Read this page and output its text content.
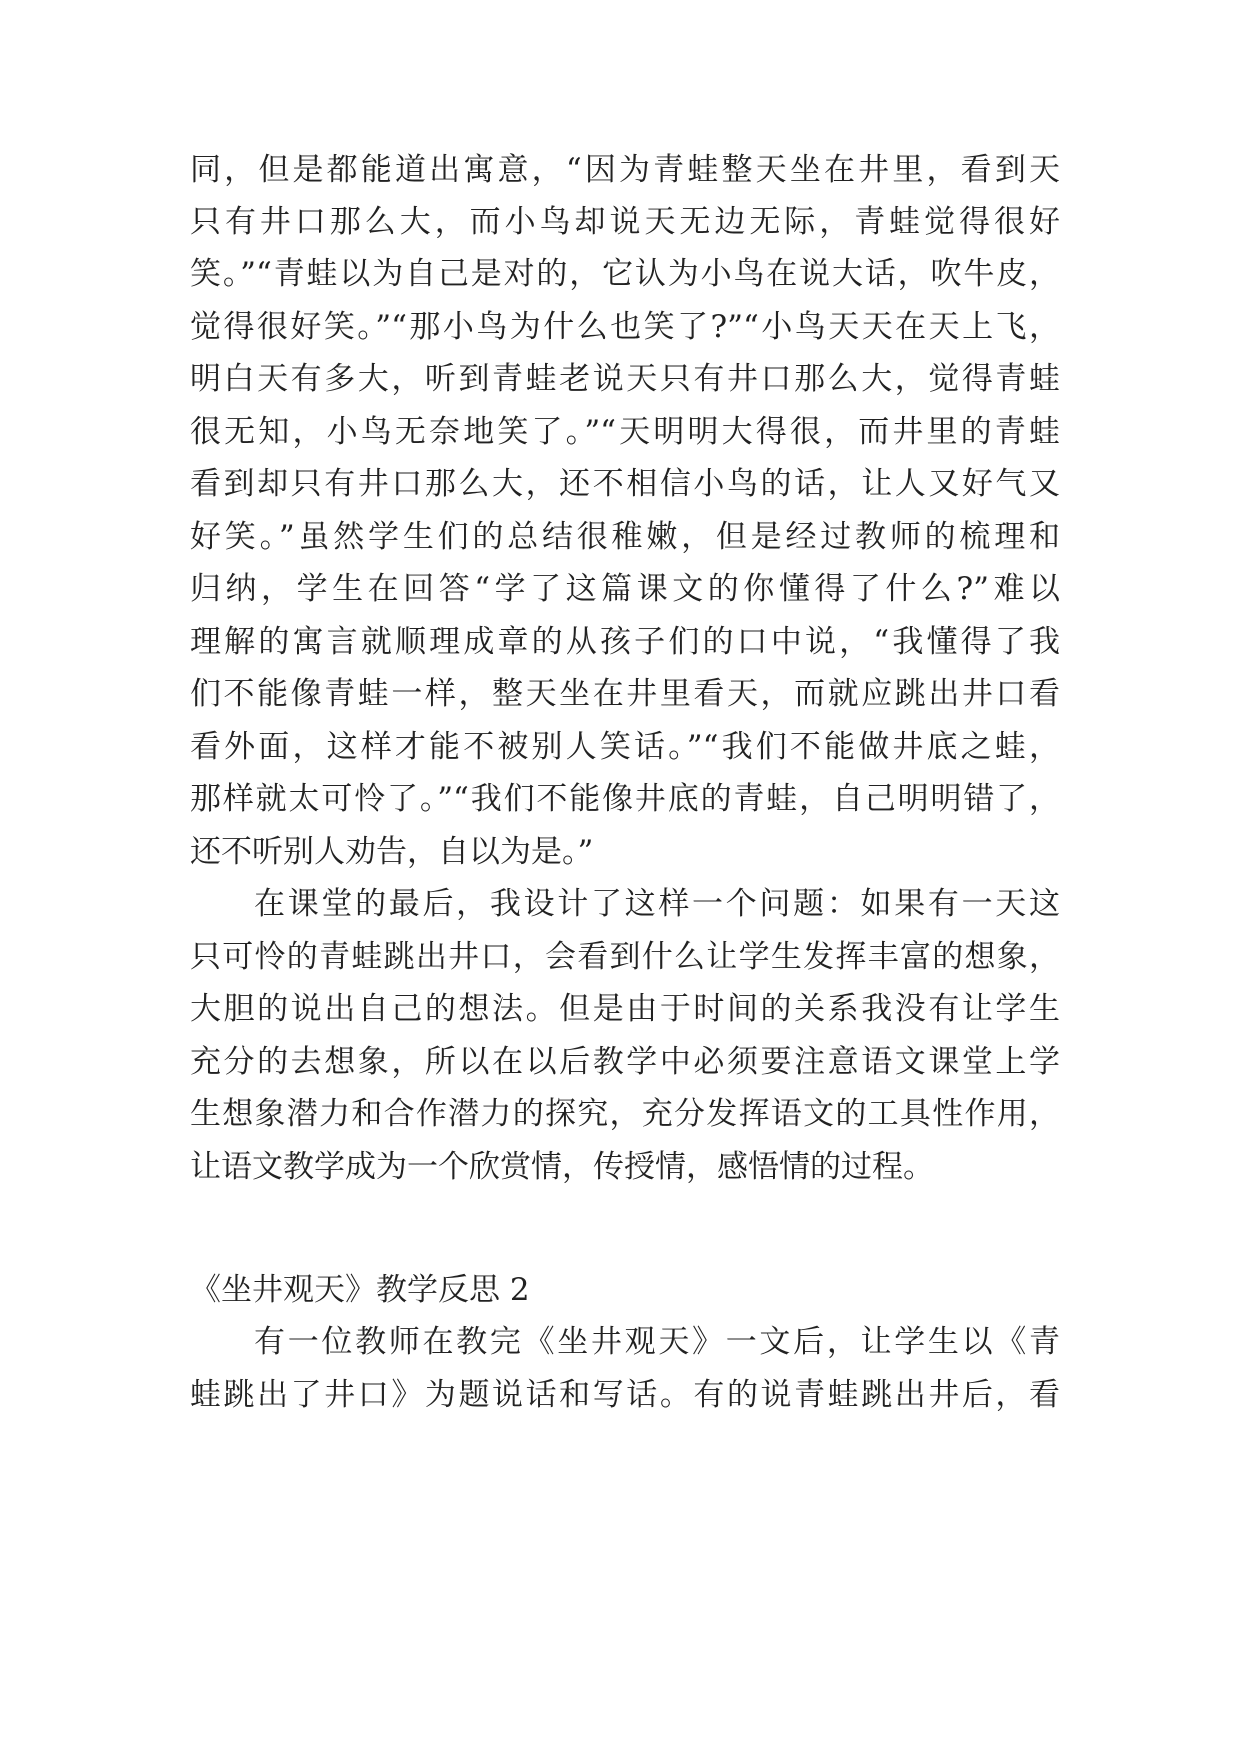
同，但是都能道出寓意，“因为青蛙整天坐在井里，看到天

只有井口那么大，而小鸟却说天无边无际，青蛙觉得很好

笑。”“青蛙以为自己是对的，它认为小鸟在说大话，吹牛皮，

觉得很好笑。”“那小鸟为什么也笑了?”“小鸟天天在天上飞，

明白天有多大，听到青蛙老说天只有井口那么大，觉得青蛙

很无知，小鸟无奈地笑了。”“天明明大得很，而井里的青蛙

看到却只有井口那么大，还不相信小鸟的话，让人又好气又

好笑。”虽然学生们的总结很稚嫩，但是经过教师的梳理和

归纳，学生在回答“学了这篇课文的你懂得了什么?”难以

理解的寓言就顺理成章的从孩子们的口中说，“我懂得了我

们不能像青蛙一样，整天坐在井里看天，而就应跳出井口看

看外面，这样才能不被别人笑话。”“我们不能做井底之蛙，

那样就太可怜了。”“我们不能像井底的青蛙，自己明明错了，

还不听别人劝告，自以为是。”

在课堂的最后，我设计了这样一个问题：如果有一天这

只可怜的青蛙跳出井口，会看到什么让学生发挥丰富的想象，

大胆的说出自己的想法。但是由于时间的关系我没有让学生

充分的去想象，所以在以后教学中必须要注意语文课堂上学

生想象潜力和合作潜力的探究，充分发挥语文的工具性作用，

让语文教学成为一个欣赏情，传授情，感悟情的过程。

《坐井观天》教学反思 2

有一位教师在教完《坐井观天》一文后，让学生以《青

蛙跳出了井口》为题说话和写话。有的说青蛙跳出井后，看
